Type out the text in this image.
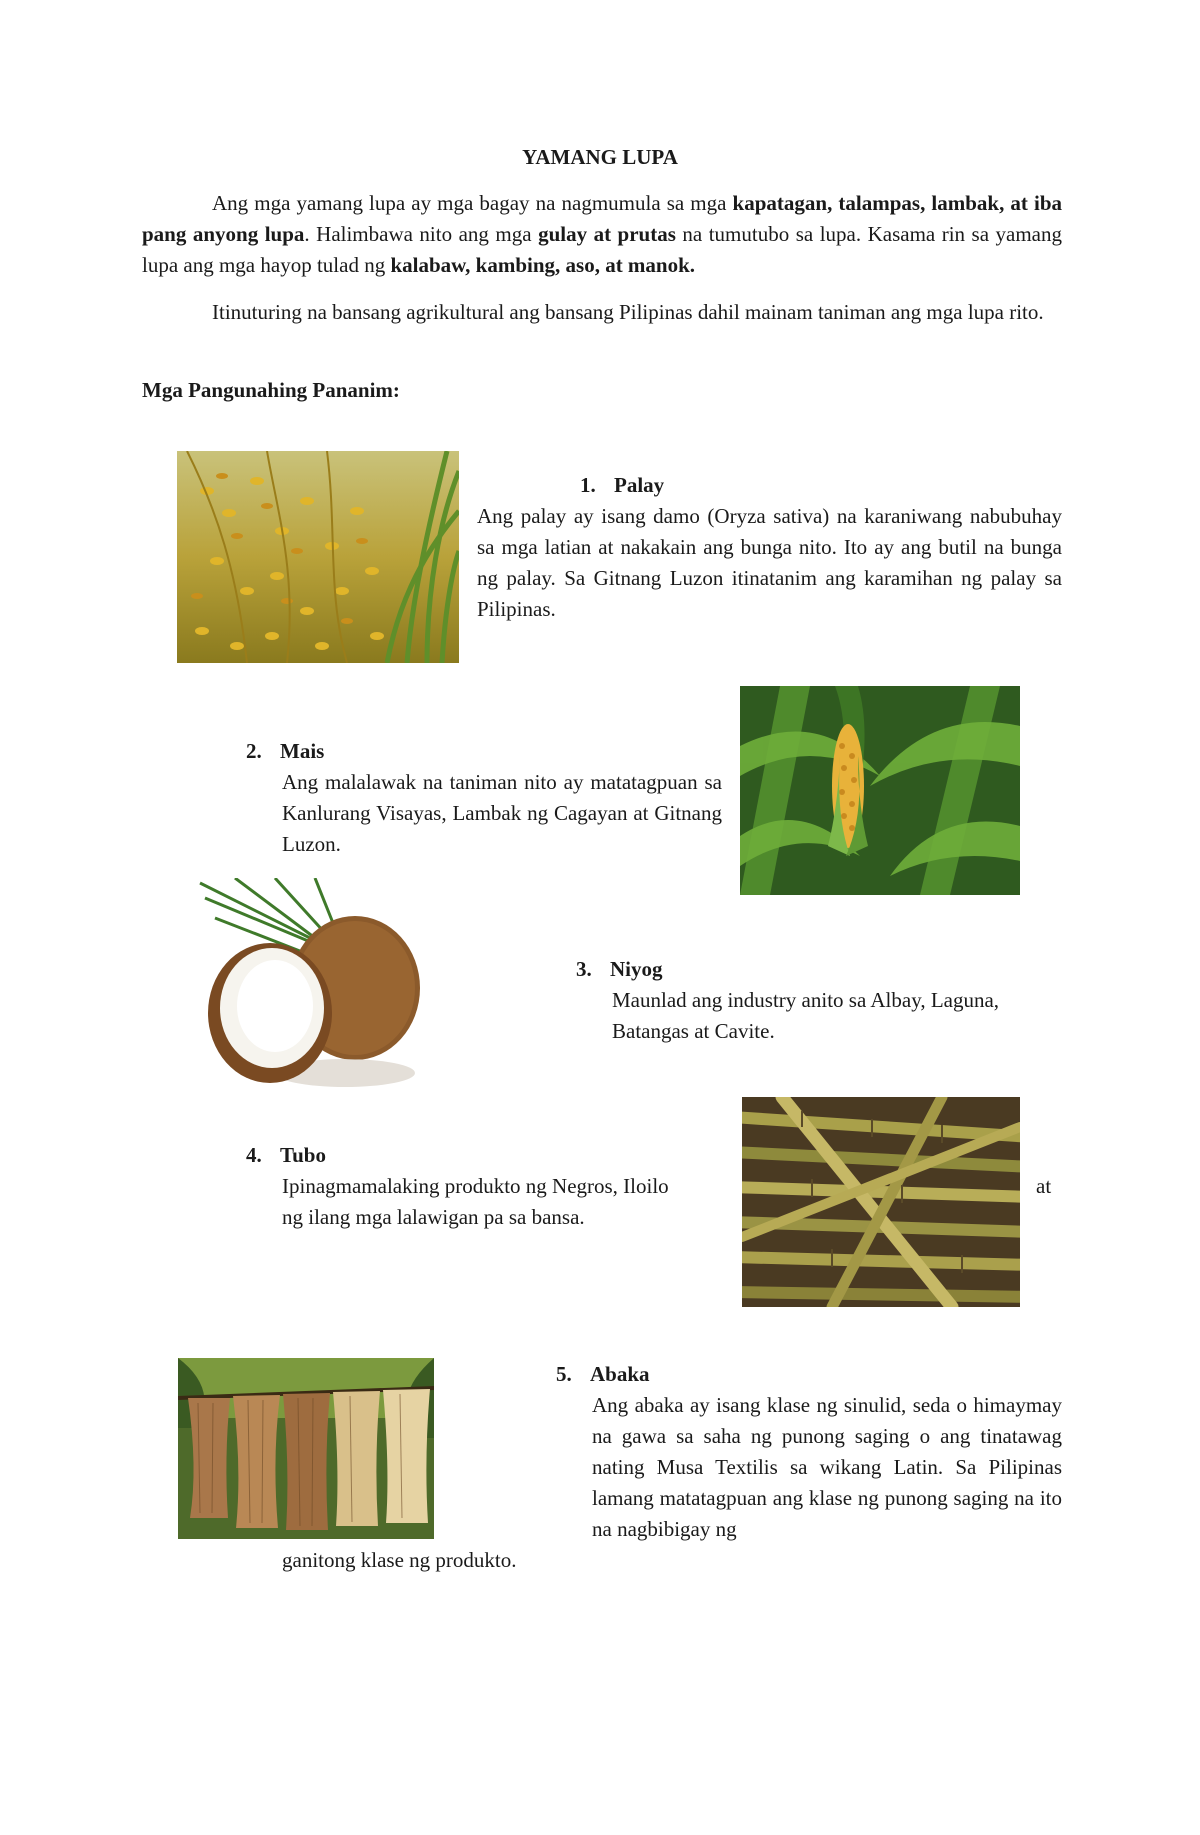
YAMANG LUPA

Ang mga yamang lupa ay mga bagay na nagmumula sa mga kapatagan, talampas, lambak, at iba pang anyong lupa. Halimbawa nito ang mga gulay at prutas na tumutubo sa lupa. Kasama rin sa yamang lupa ang mga hayop tulad ng kalabaw, kambing, aso, at manok.

Itinuturing na bansang agrikultural ang bansang Pilipinas dahil mainam taniman ang mga lupa rito.

Mga Pangunahing Pananim:
1. Palay
Ang palay ay isang damo (Oryza sativa) na karaniwang nabubuhay sa mga latian at nakakain ang bunga nito. Ito ay ang butil na bunga ng palay. Sa Gitnang Luzon itinatanim ang karamihan ng palay sa Pilipinas.
2. Mais
Ang malalawak na taniman nito ay matatagpuan sa Kanlurang Visayas, Lambak ng Cagayan at Gitnang Luzon.
3. Niyog
Maunlad ang industry anito sa Albay, Laguna, Batangas at Cavite.
4. Tubo
Ipinagmamalaking produkto ng Negros, Iloilo	at
ng ilang mga lalawigan pa sa bansa.
5. Abaka
Ang abaka ay isang klase ng sinulid, seda o himaymay na gawa sa saha ng punong saging o ang tinatawag nating Musa Textilis sa wikang Latin. Sa Pilipinas lamang matatagpuan ang klase ng punong saging na ito na nagbibigay ng
ganitong klase ng produkto.
